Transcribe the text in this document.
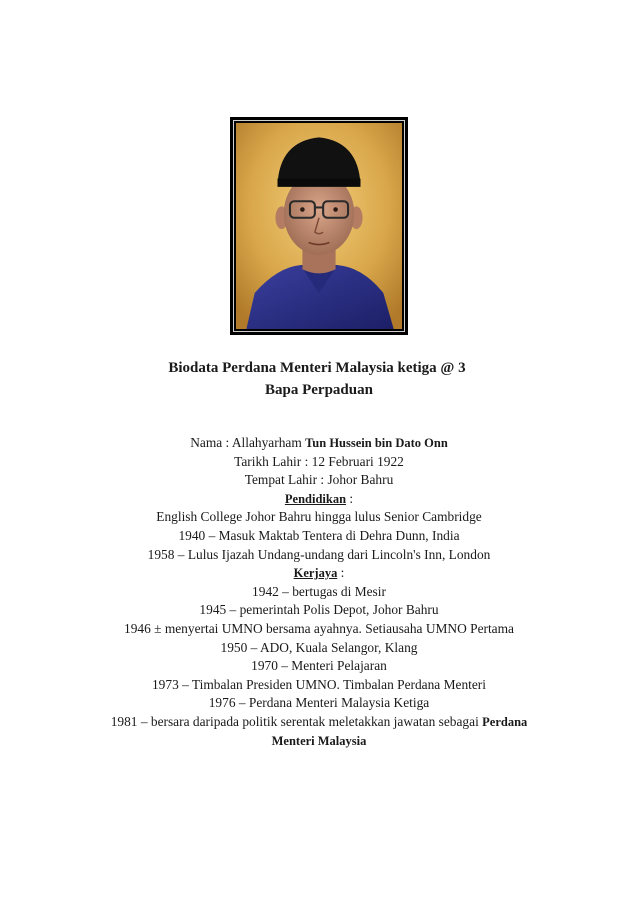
Biodata Perdana Menteri Malaysia ketiga @ 3
Bapa Perpaduan

Nama : Allahyarham Tun Hussein bin Dato Onn

Tarikh Lahir : 12 Februari 1922

Tempat Lahir : Johor Bahru

Pendidikan :

English College Johor Bahru hingga lulus Senior Cambridge

1940 – Masuk Maktab Tentera di Dehra Dunn, India

1958 – Lulus Ijazah Undang-undang dari Lincoln's Inn, London

Kerjaya :

1942 – bertugas di Mesir

1945 – pemerintah Polis Depot, Johor Bahru

1946 ± menyertai UMNO bersama ayahnya. Setiausaha UMNO Pertama

1950 – ADO, Kuala Selangor, Klang

1970 – Menteri Pelajaran

1973 – Timbalan Presiden UMNO. Timbalan Perdana Menteri

1976 – Perdana Menteri Malaysia Ketiga

1981 – bersara daripada politik serentak meletakkan jawatan sebagai Perdana

Menteri Malaysia
